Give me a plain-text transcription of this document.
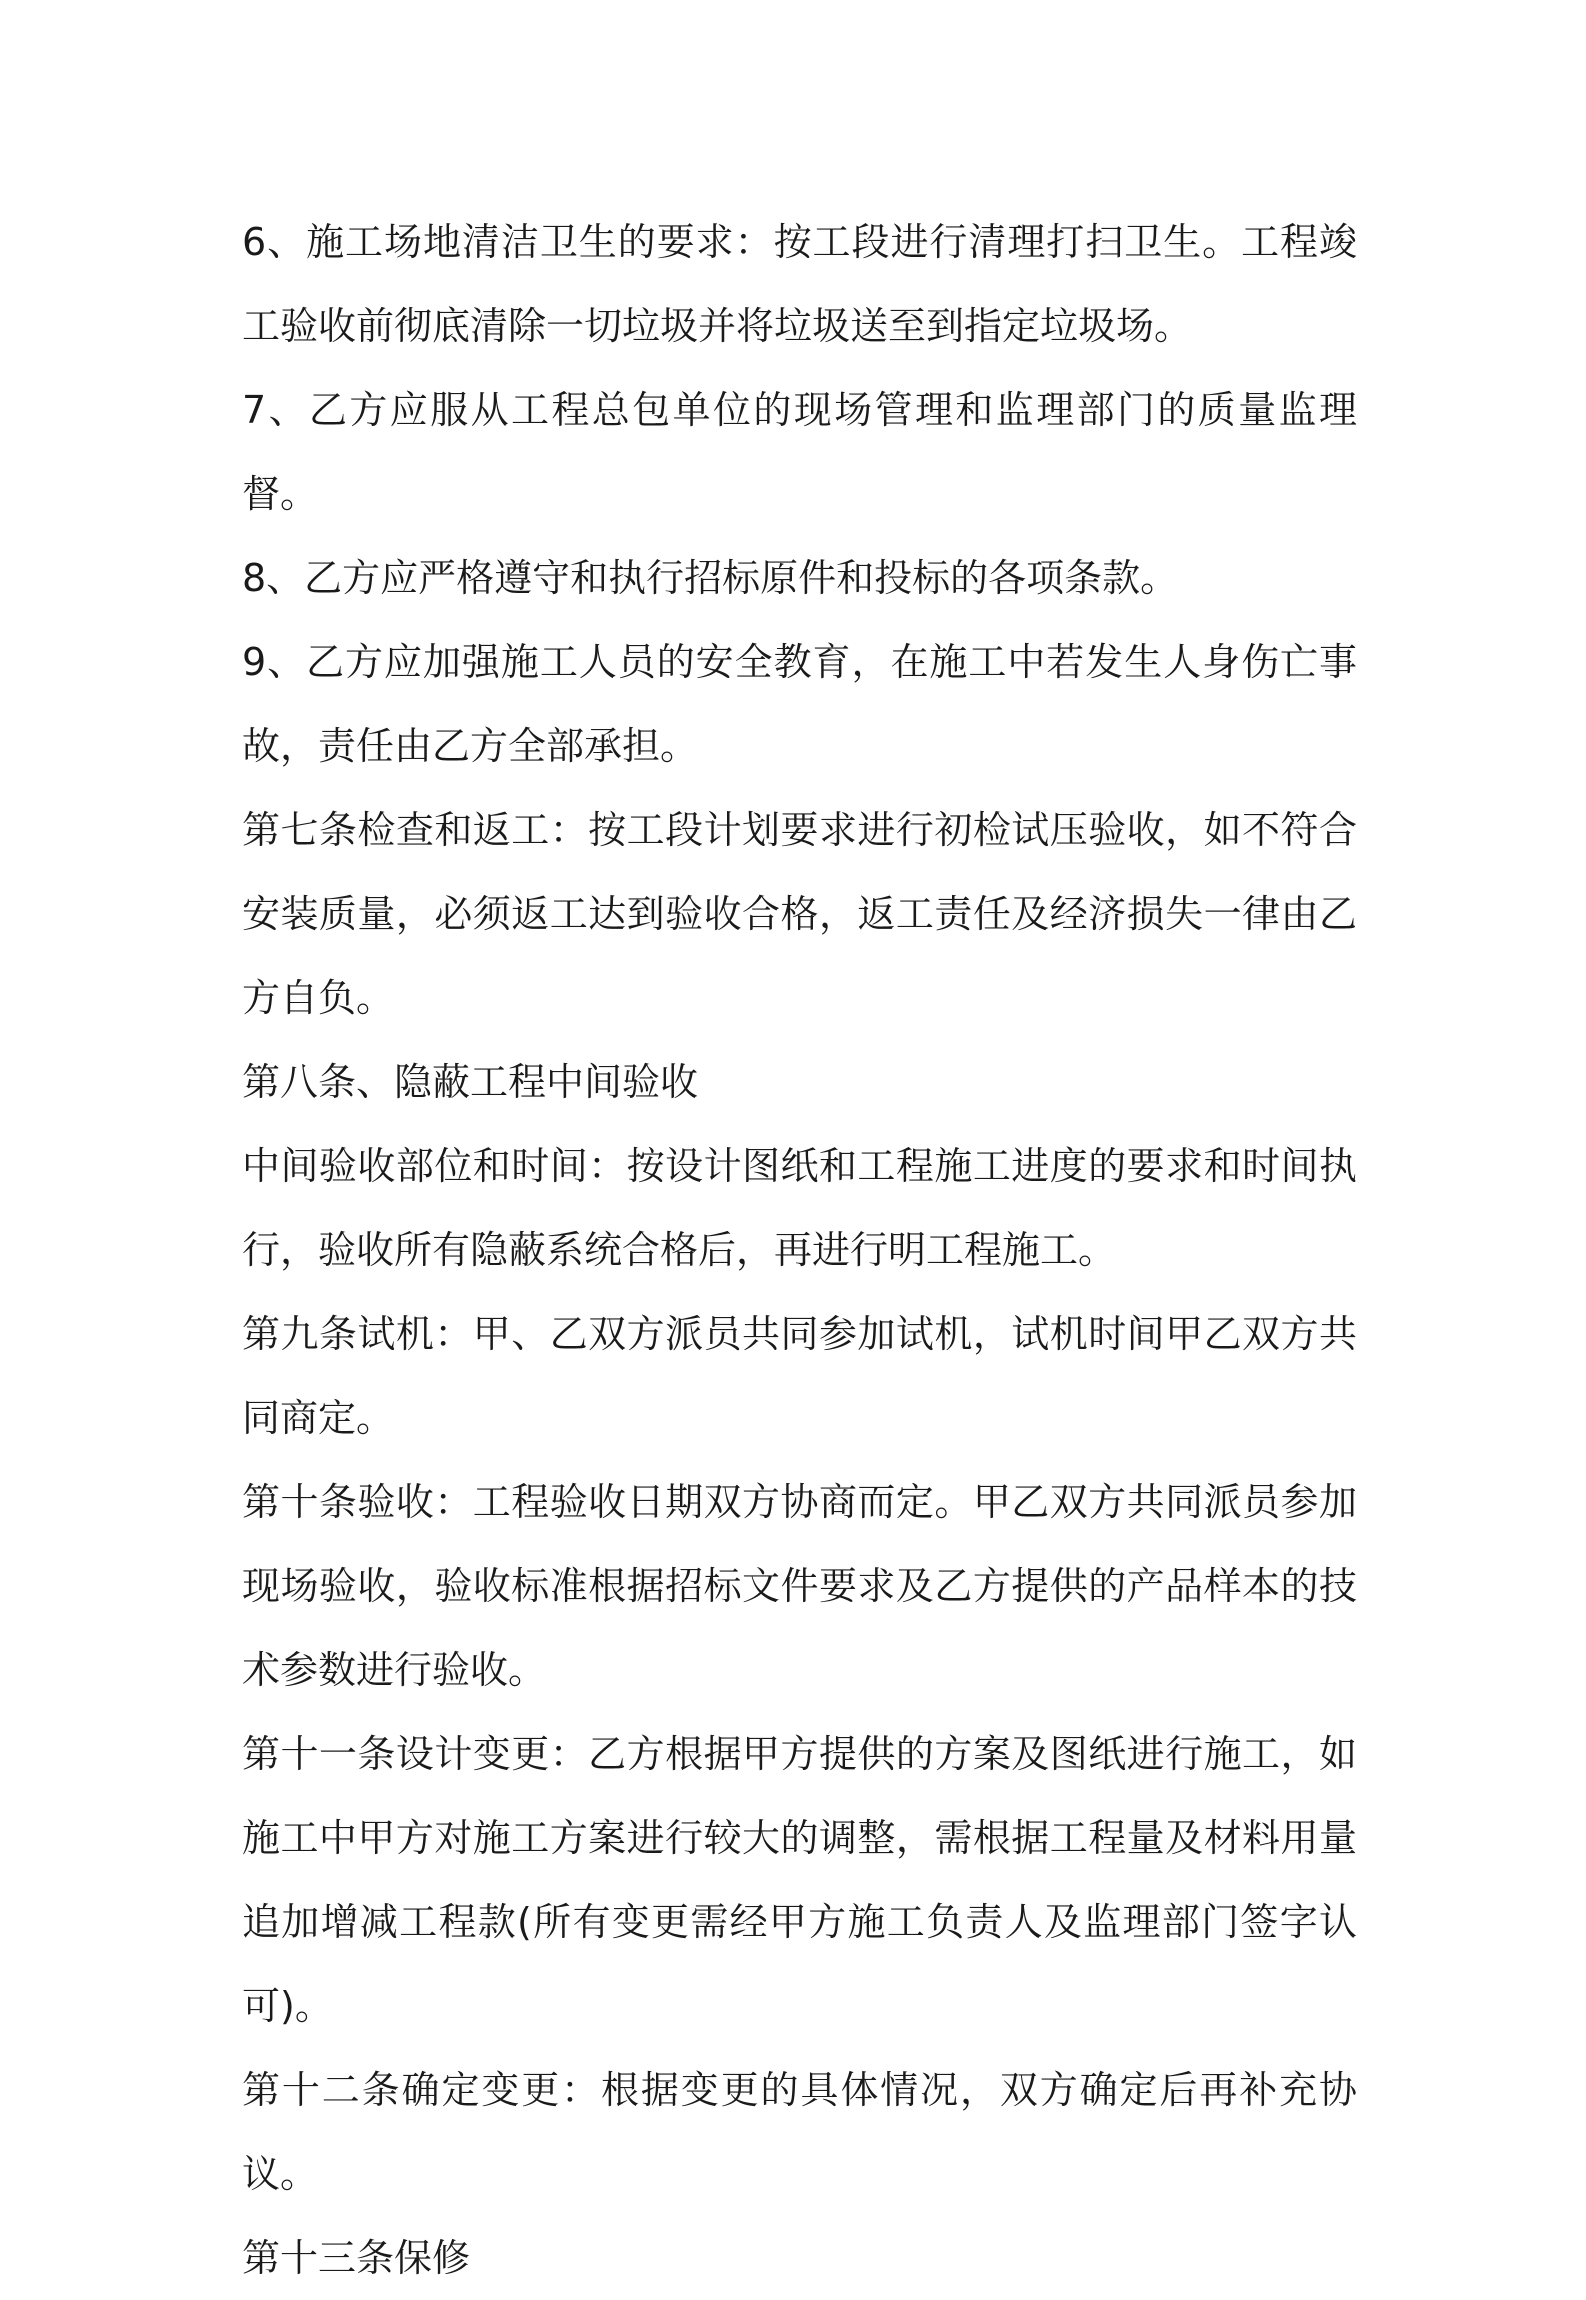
6、施工场地清洁卫生的要求：按工段进行清理打扫卫生。工程竣工验收前彻底清除一切垃圾并将垃圾送至到指定垃圾场。

7、乙方应服从工程总包单位的现场管理和监理部门的质量监理督。

8、乙方应严格遵守和执行招标原件和投标的各项条款。

9、乙方应加强施工人员的安全教育，在施工中若发生人身伤亡事故，责任由乙方全部承担。

第七条检查和返工：按工段计划要求进行初检试压验收，如不符合安装质量，必须返工达到验收合格，返工责任及经济损失一律由乙方自负。

第八条、隐蔽工程中间验收

中间验收部位和时间：按设计图纸和工程施工进度的要求和时间执行，验收所有隐蔽系统合格后，再进行明工程施工。

第九条试机：甲、乙双方派员共同参加试机，试机时间甲乙双方共同商定。

第十条验收：工程验收日期双方协商而定。甲乙双方共同派员参加现场验收，验收标准根据招标文件要求及乙方提供的产品样本的技术参数进行验收。

第十一条设计变更：乙方根据甲方提供的方案及图纸进行施工，如施工中甲方对施工方案进行较大的调整，需根据工程量及材料用量追加增减工程款(所有变更需经甲方施工负责人及监理部门签字认可)。

第十二条确定变更：根据变更的具体情况，双方确定后再补充协议。

第十三条保修
